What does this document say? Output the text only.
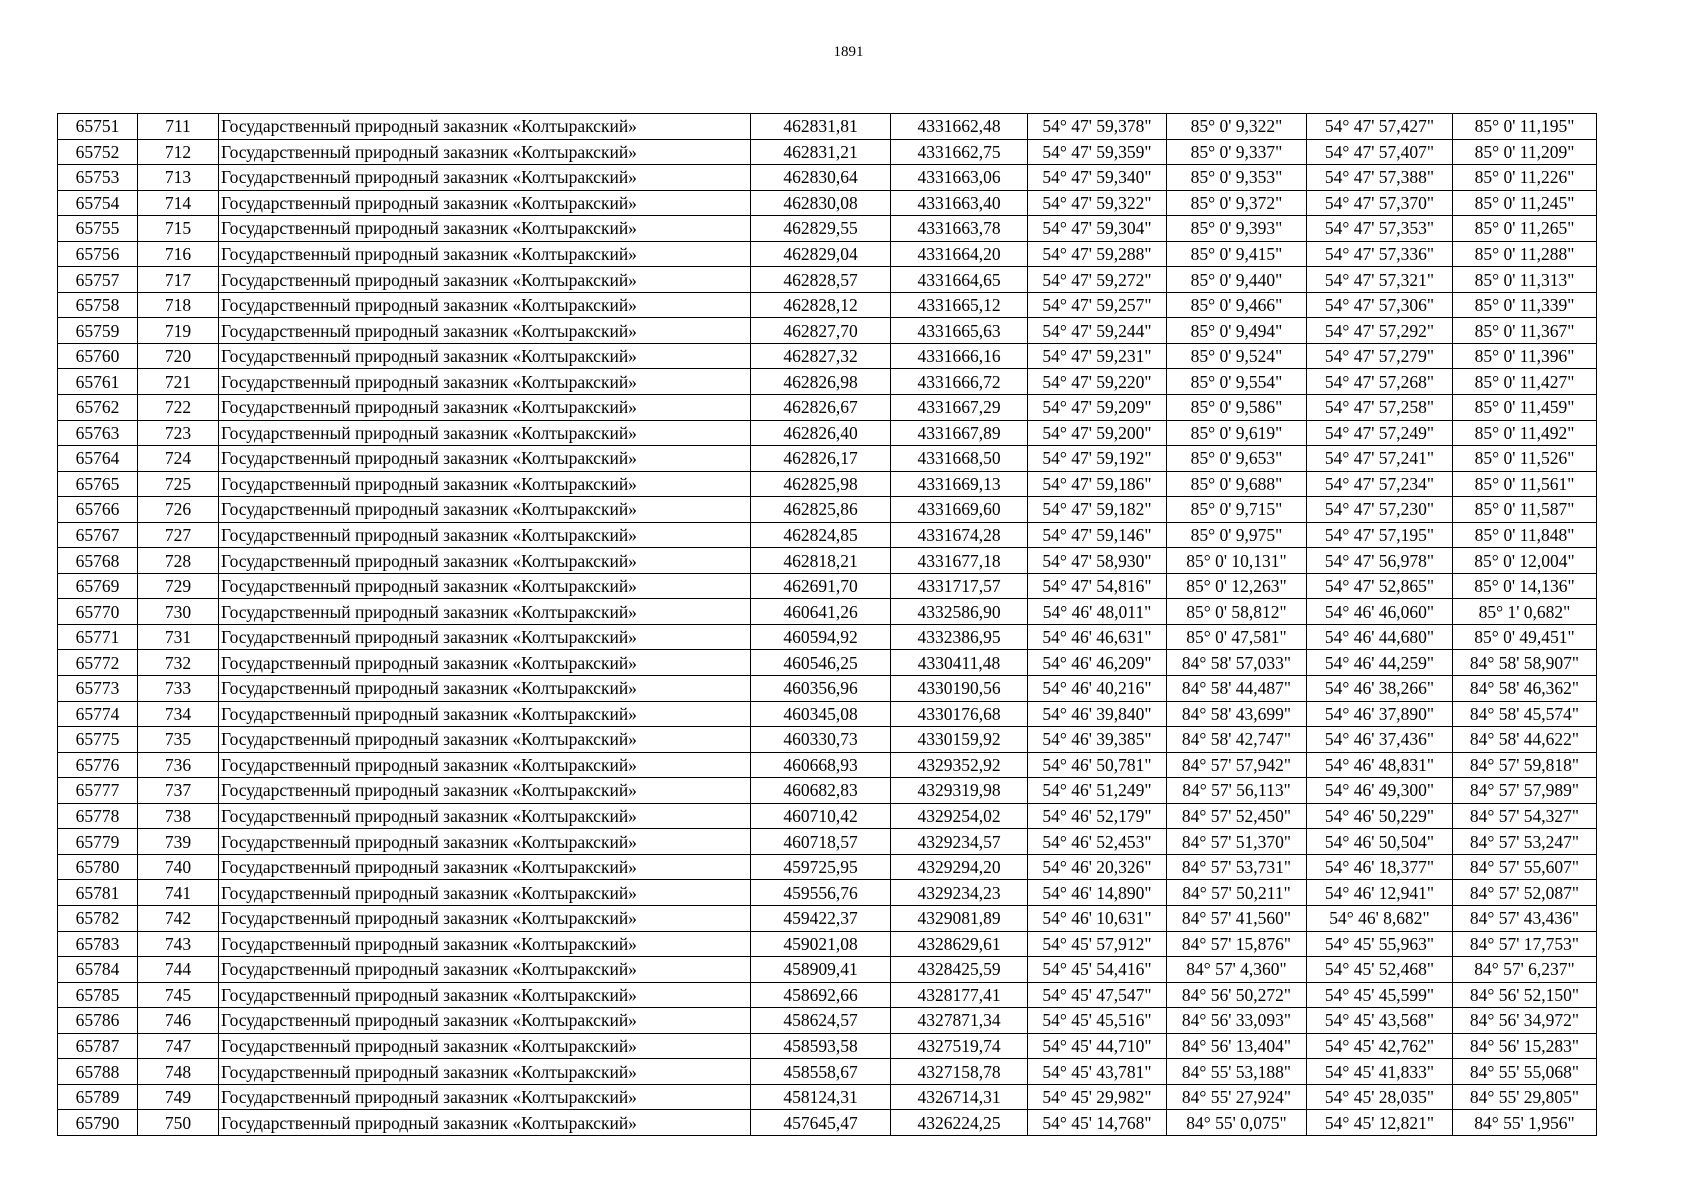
1891
65751	711	Государственный природный заказник «Колтыракский»	462831,81	4331662,48	54° 47' 59,378"	85° 0' 9,322"	54° 47' 57,427"	85° 0' 11,195"
65752	712	Государственный природный заказник «Колтыракский»	462831,21	4331662,75	54° 47' 59,359"	85° 0' 9,337"	54° 47' 57,407"	85° 0' 11,209"
65753	713	Государственный природный заказник «Колтыракский»	462830,64	4331663,06	54° 47' 59,340"	85° 0' 9,353"	54° 47' 57,388"	85° 0' 11,226"
65754	714	Государственный природный заказник «Колтыракский»	462830,08	4331663,40	54° 47' 59,322"	85° 0' 9,372"	54° 47' 57,370"	85° 0' 11,245"
65755	715	Государственный природный заказник «Колтыракский»	462829,55	4331663,78	54° 47' 59,304"	85° 0' 9,393"	54° 47' 57,353"	85° 0' 11,265"
65756	716	Государственный природный заказник «Колтыракский»	462829,04	4331664,20	54° 47' 59,288"	85° 0' 9,415"	54° 47' 57,336"	85° 0' 11,288"
65757	717	Государственный природный заказник «Колтыракский»	462828,57	4331664,65	54° 47' 59,272"	85° 0' 9,440"	54° 47' 57,321"	85° 0' 11,313"
65758	718	Государственный природный заказник «Колтыракский»	462828,12	4331665,12	54° 47' 59,257"	85° 0' 9,466"	54° 47' 57,306"	85° 0' 11,339"
65759	719	Государственный природный заказник «Колтыракский»	462827,70	4331665,63	54° 47' 59,244"	85° 0' 9,494"	54° 47' 57,292"	85° 0' 11,367"
65760	720	Государственный природный заказник «Колтыракский»	462827,32	4331666,16	54° 47' 59,231"	85° 0' 9,524"	54° 47' 57,279"	85° 0' 11,396"
65761	721	Государственный природный заказник «Колтыракский»	462826,98	4331666,72	54° 47' 59,220"	85° 0' 9,554"	54° 47' 57,268"	85° 0' 11,427"
65762	722	Государственный природный заказник «Колтыракский»	462826,67	4331667,29	54° 47' 59,209"	85° 0' 9,586"	54° 47' 57,258"	85° 0' 11,459"
65763	723	Государственный природный заказник «Колтыракский»	462826,40	4331667,89	54° 47' 59,200"	85° 0' 9,619"	54° 47' 57,249"	85° 0' 11,492"
65764	724	Государственный природный заказник «Колтыракский»	462826,17	4331668,50	54° 47' 59,192"	85° 0' 9,653"	54° 47' 57,241"	85° 0' 11,526"
65765	725	Государственный природный заказник «Колтыракский»	462825,98	4331669,13	54° 47' 59,186"	85° 0' 9,688"	54° 47' 57,234"	85° 0' 11,561"
65766	726	Государственный природный заказник «Колтыракский»	462825,86	4331669,60	54° 47' 59,182"	85° 0' 9,715"	54° 47' 57,230"	85° 0' 11,587"
65767	727	Государственный природный заказник «Колтыракский»	462824,85	4331674,28	54° 47' 59,146"	85° 0' 9,975"	54° 47' 57,195"	85° 0' 11,848"
65768	728	Государственный природный заказник «Колтыракский»	462818,21	4331677,18	54° 47' 58,930"	85° 0' 10,131"	54° 47' 56,978"	85° 0' 12,004"
65769	729	Государственный природный заказник «Колтыракский»	462691,70	4331717,57	54° 47' 54,816"	85° 0' 12,263"	54° 47' 52,865"	85° 0' 14,136"
65770	730	Государственный природный заказник «Колтыракский»	460641,26	4332586,90	54° 46' 48,011"	85° 0' 58,812"	54° 46' 46,060"	85° 1' 0,682"
65771	731	Государственный природный заказник «Колтыракский»	460594,92	4332386,95	54° 46' 46,631"	85° 0' 47,581"	54° 46' 44,680"	85° 0' 49,451"
65772	732	Государственный природный заказник «Колтыракский»	460546,25	4330411,48	54° 46' 46,209"	84° 58' 57,033"	54° 46' 44,259"	84° 58' 58,907"
65773	733	Государственный природный заказник «Колтыракский»	460356,96	4330190,56	54° 46' 40,216"	84° 58' 44,487"	54° 46' 38,266"	84° 58' 46,362"
65774	734	Государственный природный заказник «Колтыракский»	460345,08	4330176,68	54° 46' 39,840"	84° 58' 43,699"	54° 46' 37,890"	84° 58' 45,574"
65775	735	Государственный природный заказник «Колтыракский»	460330,73	4330159,92	54° 46' 39,385"	84° 58' 42,747"	54° 46' 37,436"	84° 58' 44,622"
65776	736	Государственный природный заказник «Колтыракский»	460668,93	4329352,92	54° 46' 50,781"	84° 57' 57,942"	54° 46' 48,831"	84° 57' 59,818"
65777	737	Государственный природный заказник «Колтыракский»	460682,83	4329319,98	54° 46' 51,249"	84° 57' 56,113"	54° 46' 49,300"	84° 57' 57,989"
65778	738	Государственный природный заказник «Колтыракский»	460710,42	4329254,02	54° 46' 52,179"	84° 57' 52,450"	54° 46' 50,229"	84° 57' 54,327"
65779	739	Государственный природный заказник «Колтыракский»	460718,57	4329234,57	54° 46' 52,453"	84° 57' 51,370"	54° 46' 50,504"	84° 57' 53,247"
65780	740	Государственный природный заказник «Колтыракский»	459725,95	4329294,20	54° 46' 20,326"	84° 57' 53,731"	54° 46' 18,377"	84° 57' 55,607"
65781	741	Государственный природный заказник «Колтыракский»	459556,76	4329234,23	54° 46' 14,890"	84° 57' 50,211"	54° 46' 12,941"	84° 57' 52,087"
65782	742	Государственный природный заказник «Колтыракский»	459422,37	4329081,89	54° 46' 10,631"	84° 57' 41,560"	54° 46' 8,682"	84° 57' 43,436"
65783	743	Государственный природный заказник «Колтыракский»	459021,08	4328629,61	54° 45' 57,912"	84° 57' 15,876"	54° 45' 55,963"	84° 57' 17,753"
65784	744	Государственный природный заказник «Колтыракский»	458909,41	4328425,59	54° 45' 54,416"	84° 57' 4,360"	54° 45' 52,468"	84° 57' 6,237"
65785	745	Государственный природный заказник «Колтыракский»	458692,66	4328177,41	54° 45' 47,547"	84° 56' 50,272"	54° 45' 45,599"	84° 56' 52,150"
65786	746	Государственный природный заказник «Колтыракский»	458624,57	4327871,34	54° 45' 45,516"	84° 56' 33,093"	54° 45' 43,568"	84° 56' 34,972"
65787	747	Государственный природный заказник «Колтыракский»	458593,58	4327519,74	54° 45' 44,710"	84° 56' 13,404"	54° 45' 42,762"	84° 56' 15,283"
65788	748	Государственный природный заказник «Колтыракский»	458558,67	4327158,78	54° 45' 43,781"	84° 55' 53,188"	54° 45' 41,833"	84° 55' 55,068"
65789	749	Государственный природный заказник «Колтыракский»	458124,31	4326714,31	54° 45' 29,982"	84° 55' 27,924"	54° 45' 28,035"	84° 55' 29,805"
65790	750	Государственный природный заказник «Колтыракский»	457645,47	4326224,25	54° 45' 14,768"	84° 55' 0,075"	54° 45' 12,821"	84° 55' 1,956"
